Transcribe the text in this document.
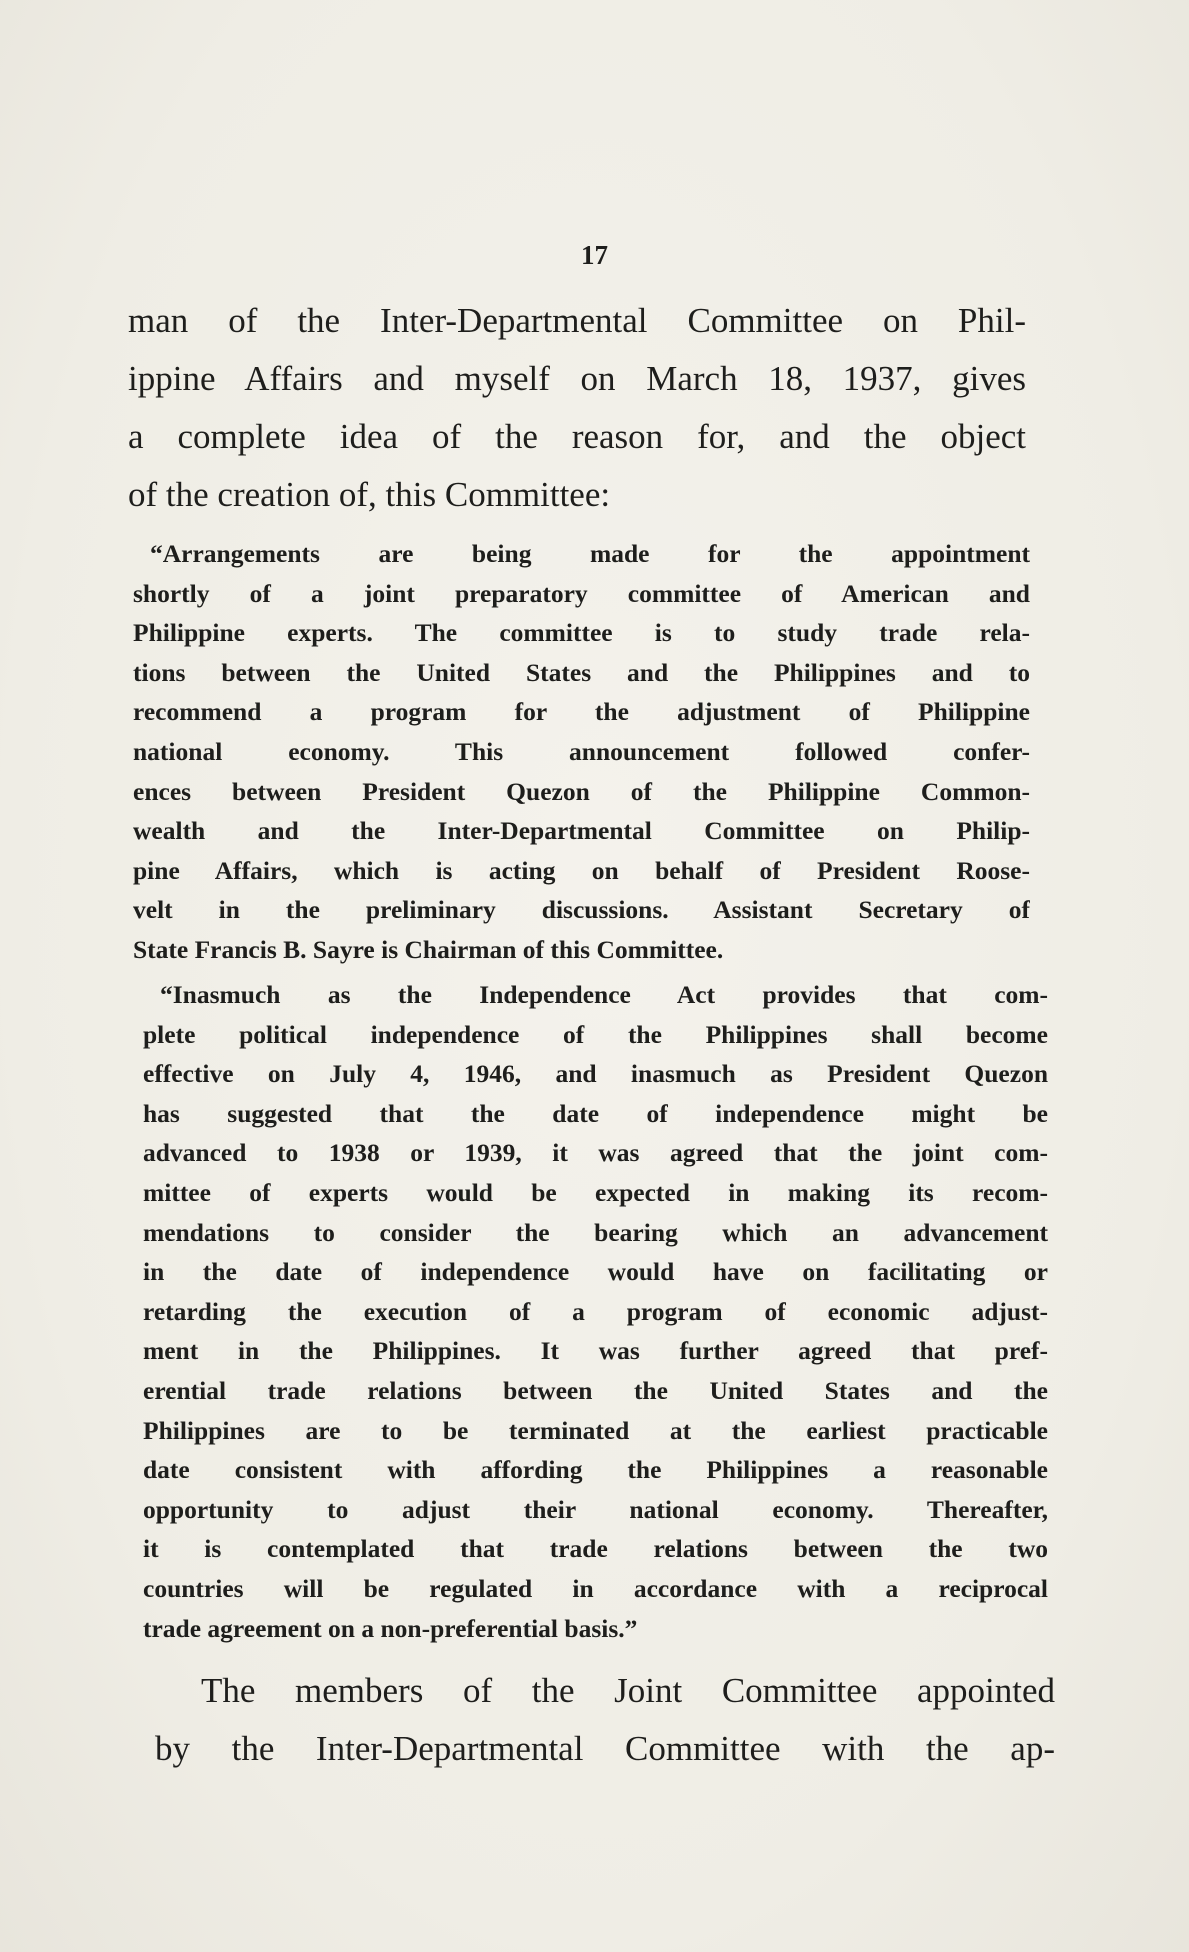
17
man of the Inter-Departmental Committee on Phil-
ippine Affairs and myself on March 18, 1937, gives
a complete idea of the reason for, and the object
of the creation of, this Committee:
“Arrangements are being made for the appointment
shortly of a joint preparatory committee of American and
Philippine experts. The committee is to study trade rela-
tions between the United States and the Philippines and to
recommend a program for the adjustment of Philippine
national economy. This announcement followed confer-
ences between President Quezon of the Philippine Common-
wealth and the Inter-Departmental Committee on Philip-
pine Affairs, which is acting on behalf of President Roose-
velt in the preliminary discussions. Assistant Secretary of
State Francis B. Sayre is Chairman of this Committee.
“Inasmuch as the Independence Act provides that com-
plete political independence of the Philippines shall become
effective on July 4, 1946, and inasmuch as President Quezon
has suggested that the date of independence might be
advanced to 1938 or 1939, it was agreed that the joint com-
mittee of experts would be expected in making its recom-
mendations to consider the bearing which an advancement
in the date of independence would have on facilitating or
retarding the execution of a program of economic adjust-
ment in the Philippines. It was further agreed that pref-
erential trade relations between the United States and the
Philippines are to be terminated at the earliest practicable
date consistent with affording the Philippines a reasonable
opportunity to adjust their national economy. Thereafter,
it is contemplated that trade relations between the two
countries will be regulated in accordance with a reciprocal
trade agreement on a non-preferential basis.”
The members of the Joint Committee appointed
by the Inter-Departmental Committee with the ap-
